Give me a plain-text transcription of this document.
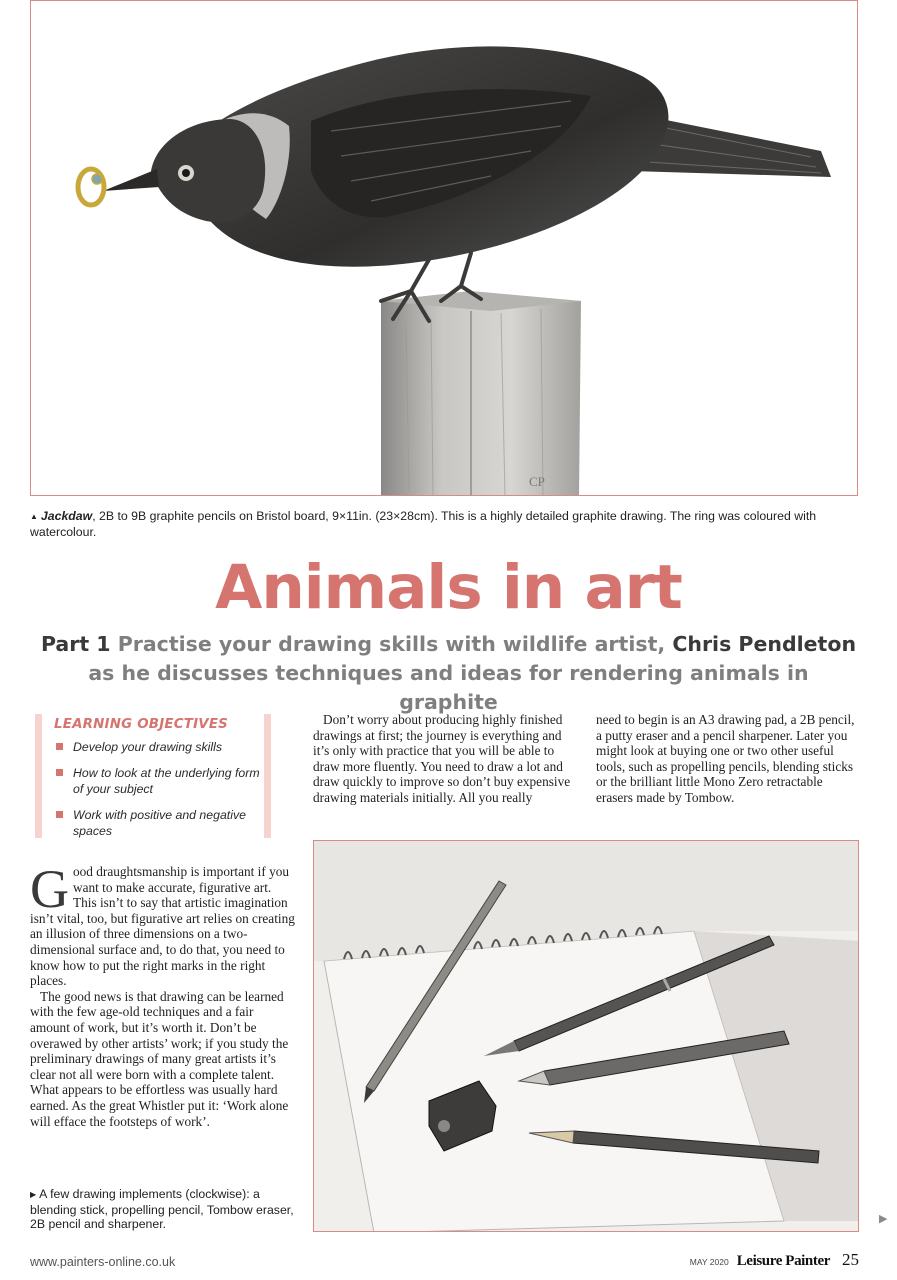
CP
▲ Jackdaw, 2B to 9B graphite pencils on Bristol board, 9×11in. (23×28cm). This is a highly detailed graphite drawing. The ring was coloured with watercolour.
Animals in art
Part 1 Practise your drawing skills with wildlife artist, Chris Pendleton
as he discusses techniques and ideas for rendering animals in graphite
LEARNING OBJECTIVES
Develop your drawing skills
How to look at the underlying form of your subject
Work with positive and negative spaces

Good draughtsmanship is important if you want to make accurate, figurative art. This isn’t to say that artistic imagination isn’t vital, too, but figurative art relies on creating an illusion of three dimensions on a two-dimensional surface and, to do that, you need to know how to put the right marks in the right places.

The good news is that drawing can be learned with the few age-old techniques and a fair amount of work, but it’s worth it. Don’t be overawed by other artists’ work; if you study the preliminary drawings of many great artists it’s clear not all were born with a complete talent. What appears to be effortless was usually hard earned. As the great Whistler put it: ‘Work alone will efface the footsteps of work’.

Don’t worry about producing highly finished drawings at first; the journey is everything and it’s only with practice that you will be able to draw more fluently. You need to draw a lot and draw quickly to improve so don’t buy expensive drawing materials initially. All you really

need to begin is an A3 drawing pad, a 2B pencil, a putty eraser and a pencil sharpener. Later you might look at buying one or two other useful tools, such as propelling pencils, blending sticks or the brilliant little Mono Zero retractable erasers made by Tombow.

▶ A few drawing implements (clockwise): a blending stick, propelling pencil, Tombow eraser, 2B pencil and sharpener.	▶
www.painters-online.co.uk	MAY 2020 Leisure Painter 25
